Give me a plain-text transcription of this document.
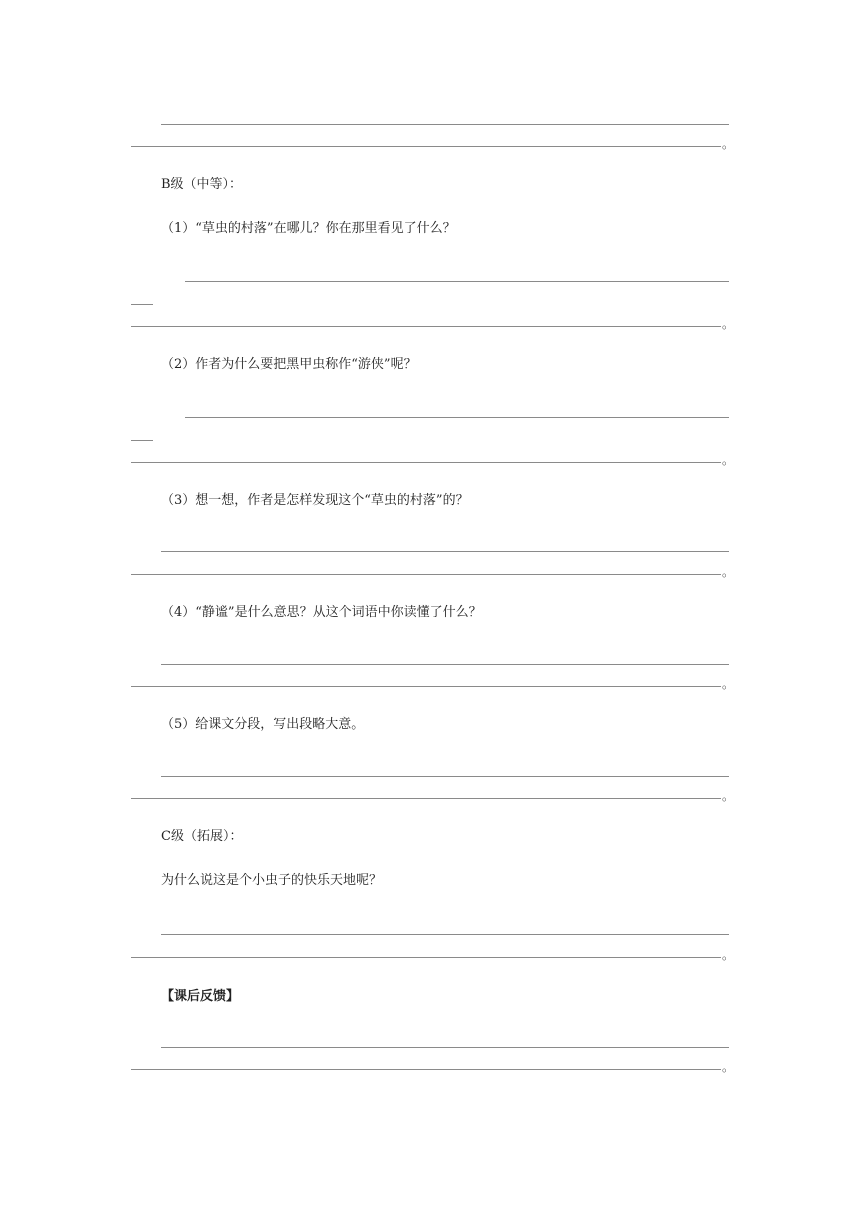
。
B级（中等）：
（1）“草虫的村落”在哪儿？你在那里看见了什么？
。
（2）作者为什么要把黑甲虫称作“游侠”呢？
。
（3）想一想，作者是怎样发现这个“草虫的村落”的？
。
（4）“静谧”是什么意思？从这个词语中你读懂了什么？
。
（5）给课文分段，写出段略大意。
。
C级（拓展）：
为什么说这是个小虫子的快乐天地呢？
。
【课后反馈】
。
